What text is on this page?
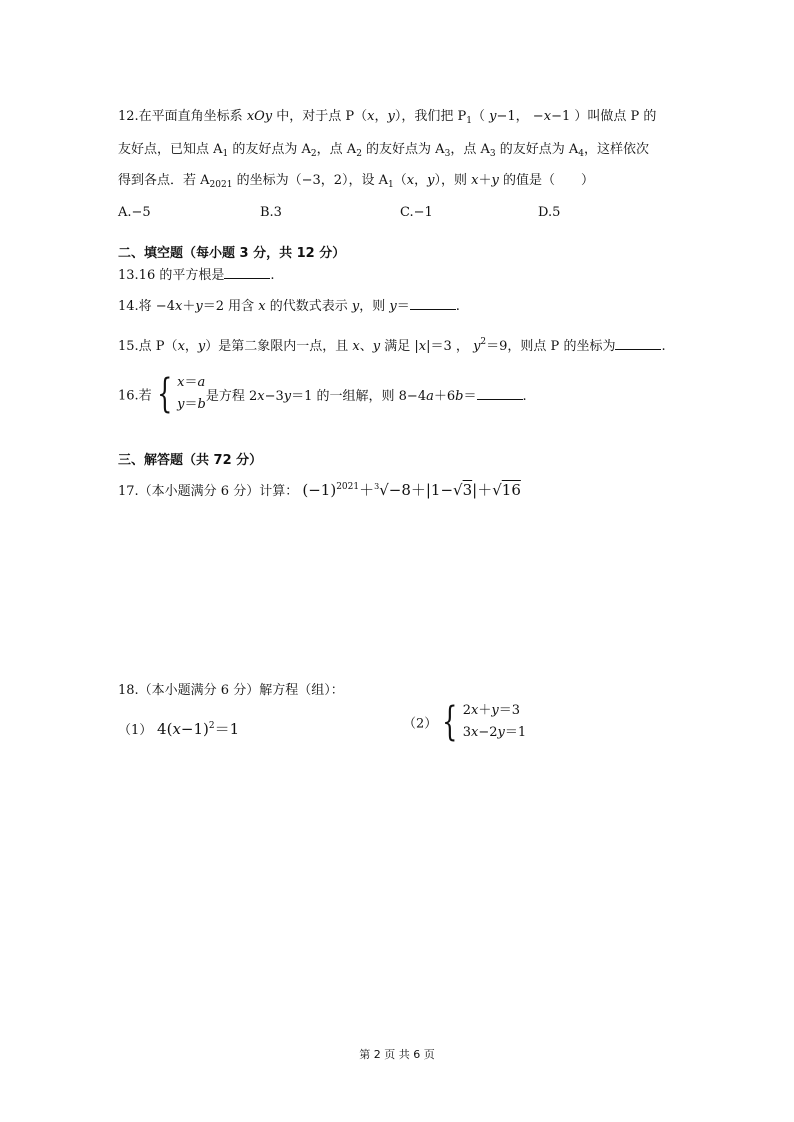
12.在平面直角坐标系 xOy 中，对于点 P（x，y），我们把 $P_1$（ y−1， −x−1 ）叫做点 P 的
友好点，已知点 $A_1$ 的友好点为 $A_2$，点 $A_2$ 的友好点为 $A_3$，点 $A_3$ 的友好点为 $A_4$，这样依次
得到各点．若 $A_{2021}$ 的坐标为（−3，2），设 $A_1(x$，y），则 x＋y 的值是（　　）
A.−5	B.3	C.−1	D.5
二、填空题（每小题 3 分，共 12 分）
13.16 的平方根是	.
14.将 −4x＋y＝2 用含 x 的代数式表示 y，则 y＝	.
15.点 P（x，y）是第二象限内一点，且 x、y 满足 |x|＝3 ， $y^2=9$，则点 P 的坐标为	.
16.若 { x＝a
y＝b是方程 2x−3y＝1 的一组解，则 8−4a＋6b＝	.
三、解答题（共 72 分）
17.（本小题满分 6 分）计算： $(-1)^{2021}+^3√-8+|1-√3|+√16$
18.（本小题满分 6 分）解方程（组）：
（1） $4(x-1)^2=1$	（2） { 2x＋y＝3
3x−2y＝1
第 2 页 共 6 页
